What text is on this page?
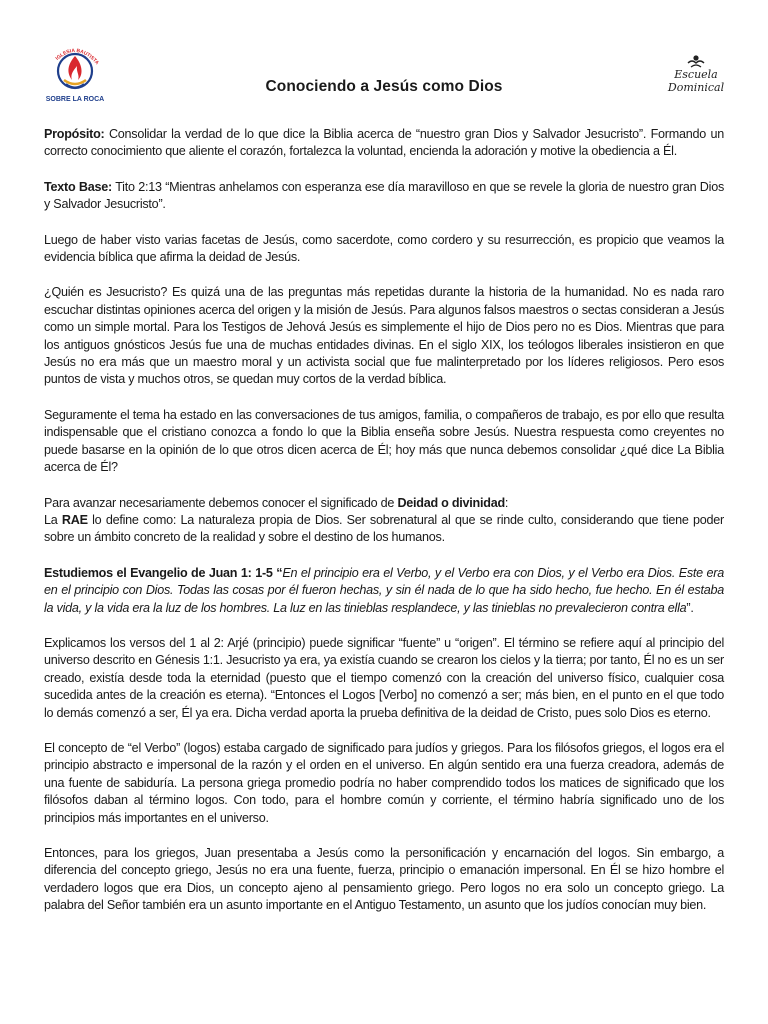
IGLESIA BAUTISTA
SOBRE LA ROCA
Escuela Dominical
Conociendo a Jesús como Dios

Propósito: Consolidar la verdad de lo que dice la Biblia acerca de “nuestro gran Dios y Salvador Jesucristo”. Formando un correcto conocimiento que aliente el corazón, fortalezca la voluntad, encienda la adoración y motive la obediencia a Él.

Texto Base: Tito 2:13 “Mientras anhelamos con esperanza ese día maravilloso en que se revele la gloria de nuestro gran Dios y Salvador Jesucristo”.

Luego de haber visto varias facetas de Jesús, como sacerdote, como cordero y su resurrección, es propicio que veamos la evidencia bíblica que afirma la deidad de Jesús.

¿Quién es Jesucristo? Es quizá una de las preguntas más repetidas durante la historia de la humanidad. No es nada raro escuchar distintas opiniones acerca del origen y la misión de Jesús. Para algunos falsos maestros o sectas consideran a Jesús como un simple mortal. Para los Testigos de Jehová Jesús es simplemente el hijo de Dios pero no es Dios. Mientras que para los antiguos gnósticos Jesús fue una de muchas entidades divinas. En el siglo XIX, los teólogos liberales insistieron en que Jesús no era más que un maestro moral y un activista social que fue malinterpretado por los líderes religiosos. Pero esos puntos de vista y muchos otros, se quedan muy cortos de la verdad bíblica.

Seguramente el tema ha estado en las conversaciones de tus amigos, familia, o compañeros de trabajo, es por ello que resulta indispensable que el cristiano conozca a fondo lo que la Biblia enseña sobre Jesús. Nuestra respuesta como creyentes no puede basarse en la opinión de lo que otros dicen acerca de Él; hoy más que nunca debemos consolidar ¿qué dice La Biblia acerca de Él?

Para avanzar necesariamente debemos conocer el significado de Deidad o divinidad:

La RAE lo define como: La naturaleza propia de Dios. Ser sobrenatural al que se rinde culto, considerando que tiene poder sobre un ámbito concreto de la realidad y sobre el destino de los humanos.

Estudiemos el Evangelio de Juan 1: 1-5 “En el principio era el Verbo, y el Verbo era con Dios, y el Verbo era Dios. Este era en el principio con Dios. Todas las cosas por él fueron hechas, y sin él nada de lo que ha sido hecho, fue hecho. En él estaba la vida, y la vida era la luz de los hombres. La luz en las tinieblas resplandece, y las tinieblas no prevalecieron contra ella”.

Explicamos los versos del 1 al 2: Arjé (principio) puede significar “fuente” u “origen”. El término se refiere aquí al principio del universo descrito en Génesis 1:1. Jesucristo ya era, ya existía cuando se crearon los cielos y la tierra; por tanto, Él no es un ser creado, existía desde toda la eternidad (puesto que el tiempo comenzó con la creación del universo físico, cualquier cosa sucedida antes de la creación es eterna). “Entonces el Logos [Verbo] no comenzó a ser; más bien, en el punto en el que todo lo demás comenzó a ser, Él ya era. Dicha verdad aporta la prueba definitiva de la deidad de Cristo, pues solo Dios es eterno.

El concepto de “el Verbo” (logos) estaba cargado de significado para judíos y griegos. Para los filósofos griegos, el logos era el principio abstracto e impersonal de la razón y el orden en el universo. En algún sentido era una fuerza creadora, además de una fuente de sabiduría. La persona griega promedio podría no haber comprendido todos los matices de significado que los filósofos daban al término logos. Con todo, para el hombre común y corriente, el término habría significado uno de los principios más importantes en el universo.

Entonces, para los griegos, Juan presentaba a Jesús como la personificación y encarnación del logos. Sin embargo, a diferencia del concepto griego, Jesús no era una fuente, fuerza, principio o emanación impersonal. En Él se hizo hombre el verdadero logos que era Dios, un concepto ajeno al pensamiento griego. Pero logos no era solo un concepto griego. La palabra del Señor también era un asunto importante en el Antiguo Testamento, un asunto que los judíos conocían muy bien.
